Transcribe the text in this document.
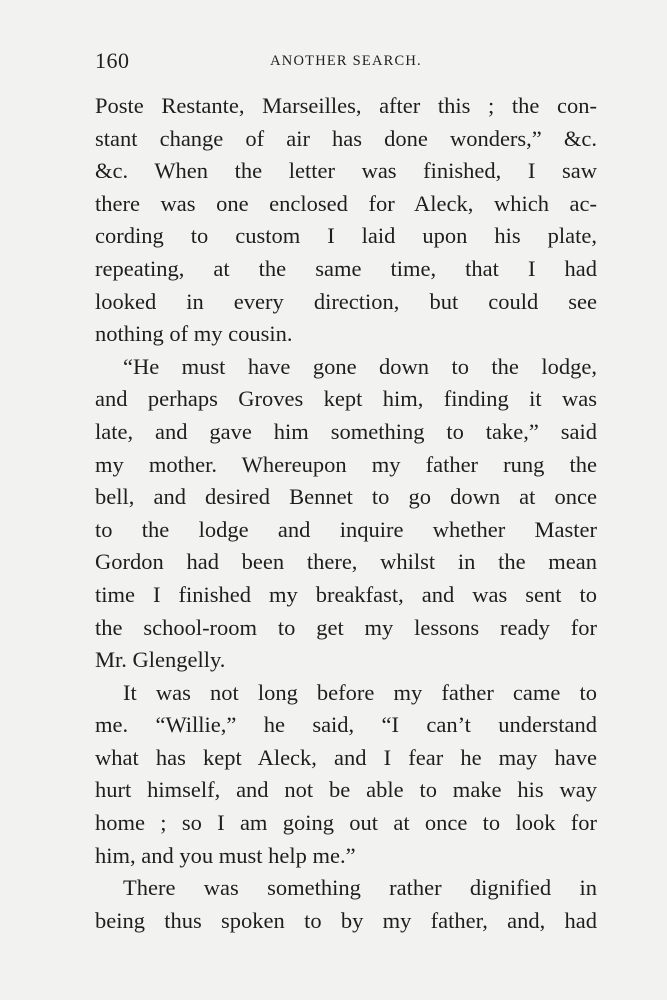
160	ANOTHER SEARCH.
Poste Restante, Marseilles, after this ; the con-
stant change of air has done wonders,” &c.
&c. When the letter was finished, I saw
there was one enclosed for Aleck, which ac-
cording to custom I laid upon his plate,
repeating, at the same time, that I had
looked in every direction, but could see
nothing of my cousin.
“He must have gone down to the lodge,
and perhaps Groves kept him, finding it was
late, and gave him something to take,” said
my mother. Whereupon my father rung the
bell, and desired Bennet to go down at once
to the lodge and inquire whether Master
Gordon had been there, whilst in the mean
time I finished my breakfast, and was sent to
the school-room to get my lessons ready for
Mr. Glengelly.
It was not long before my father came to
me. “Willie,” he said, “I can’t understand
what has kept Aleck, and I fear he may have
hurt himself, and not be able to make his way
home ; so I am going out at once to look for
him, and you must help me.”
There was something rather dignified in
being thus spoken to by my father, and, had
